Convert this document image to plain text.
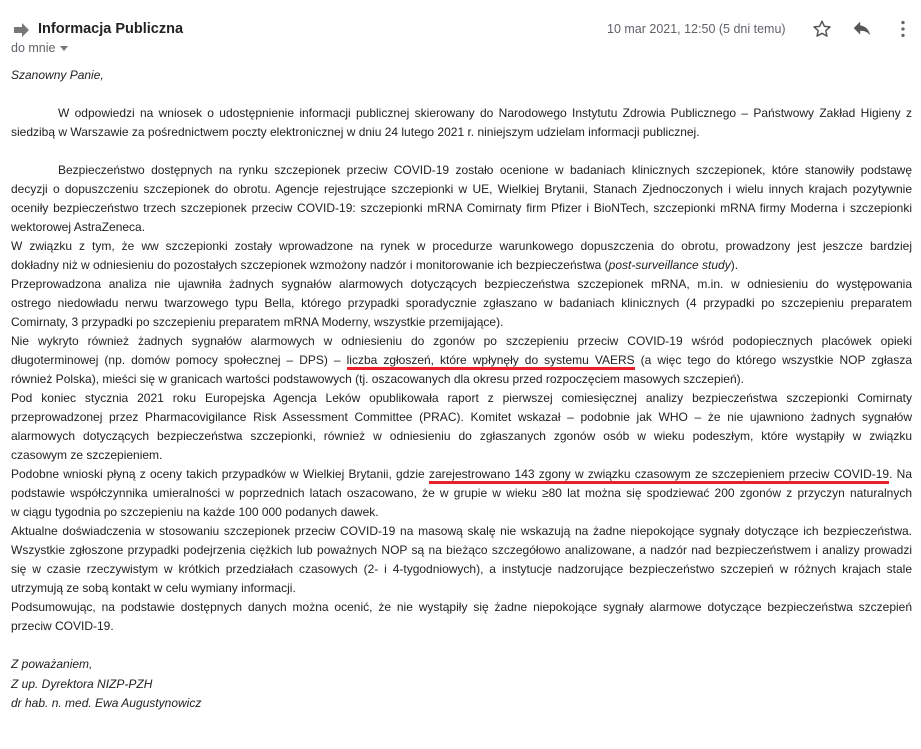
Informacja Publiczna
do mnie
10 mar 2021, 12:50 (5 dni temu)
Szanowny Panie,
W odpowiedzi na wniosek o udostępnienie informacji publicznej skierowany do Narodowego Instytutu Zdrowia Publicznego – Państwowy Zakład Higieny z
siedzibą w Warszawie za pośrednictwem poczty elektronicznej w dniu 24 lutego 2021 r. niniejszym udzielam informacji publicznej.
Bezpieczeństwo dostępnych na rynku szczepionek przeciw COVID-19 zostało ocenione w badaniach klinicznych szczepionek, które stanowiły podstawę
decyzji o dopuszczeniu szczepionek do obrotu. Agencje rejestrujące szczepionki w UE, Wielkiej Brytanii, Stanach Zjednoczonych i wielu innych krajach pozytywnie
oceniły bezpieczeństwo trzech szczepionek przeciw COVID-19: szczepionki mRNA Comirnaty firm Pfizer i BioNTech, szczepionki mRNA firmy Moderna i szczepionki
wektorowej AstraZeneca.
W związku z tym, że ww szczepionki zostały wprowadzone na rynek w procedurze warunkowego dopuszczenia do obrotu, prowadzony jest jeszcze bardziej
dokładny niż w odniesieniu do pozostałych szczepionek wzmożony nadzór i monitorowanie ich bezpieczeństwa (post-surveillance study).
Przeprowadzona analiza nie ujawniła żadnych sygnałów alarmowych dotyczących bezpieczeństwa szczepionek mRNA, m.in. w odniesieniu do występowania
ostrego niedowładu nerwu twarzowego typu Bella, którego przypadki sporadycznie zgłaszano w badaniach klinicznych (4 przypadki po szczepieniu preparatem
Comirnaty, 3 przypadki po szczepieniu preparatem mRNA Moderny, wszystkie przemijające).
Nie wykryto również żadnych sygnałów alarmowych w odniesieniu do zgonów po szczepieniu przeciw COVID-19 wśród podopiecznych placówek opieki
długoterminowej (np. domów pomocy społecznej – DPS) – liczba zgłoszeń, które wpłynęły do systemu VAERS (a więc tego do którego wszystkie NOP zgłasza
również Polska), mieści się w granicach wartości podstawowych (tj. oszacowanych dla okresu przed rozpoczęciem masowych szczepień).
Pod koniec stycznia 2021 roku Europejska Agencja Leków opublikowała raport z pierwszej comiesięcznej analizy bezpieczeństwa szczepionki Comirnaty
przeprowadzonej przez Pharmacovigilance Risk Assessment Committee (PRAC). Komitet wskazał – podobnie jak WHO – że nie ujawniono żadnych sygnałów
alarmowych dotyczących bezpieczeństwa szczepionki, również w odniesieniu do zgłaszanych zgonów osób w wieku podeszłym, które wystąpiły w związku
czasowym ze szczepieniem.
Podobne wnioski płyną z oceny takich przypadków w Wielkiej Brytanii, gdzie zarejestrowano 143 zgony w związku czasowym ze szczepieniem przeciw COVID-19. Na
podstawie współczynnika umieralności w poprzednich latach oszacowano, że w grupie w wieku ≥80 lat można się spodziewać 200 zgonów z przyczyn naturalnych
w ciągu tygodnia po szczepieniu na każde 100 000 podanych dawek.
Aktualne doświadczenia w stosowaniu szczepionek przeciw COVID-19 na masową skalę nie wskazują na żadne niepokojące sygnały dotyczące ich bezpieczeństwa.
Wszystkie zgłoszone przypadki podejrzenia ciężkich lub poważnych NOP są na bieżąco szczegółowo analizowane, a nadzór nad bezpieczeństwem i analizy prowadzi
się w czasie rzeczywistym w krótkich przedziałach czasowych (2- i 4-tygodniowych), a instytucje nadzorujące bezpieczeństwo szczepień w różnych krajach stale
utrzymują ze sobą kontakt w celu wymiany informacji.
Podsumowując, na podstawie dostępnych danych można ocenić, że nie wystąpiły się żadne niepokojące sygnały alarmowe dotyczące bezpieczeństwa szczepień
przeciw COVID-19.
Z poważaniem,
Z up. Dyrektora NIZP-PZH
dr hab. n. med. Ewa Augustynowicz
